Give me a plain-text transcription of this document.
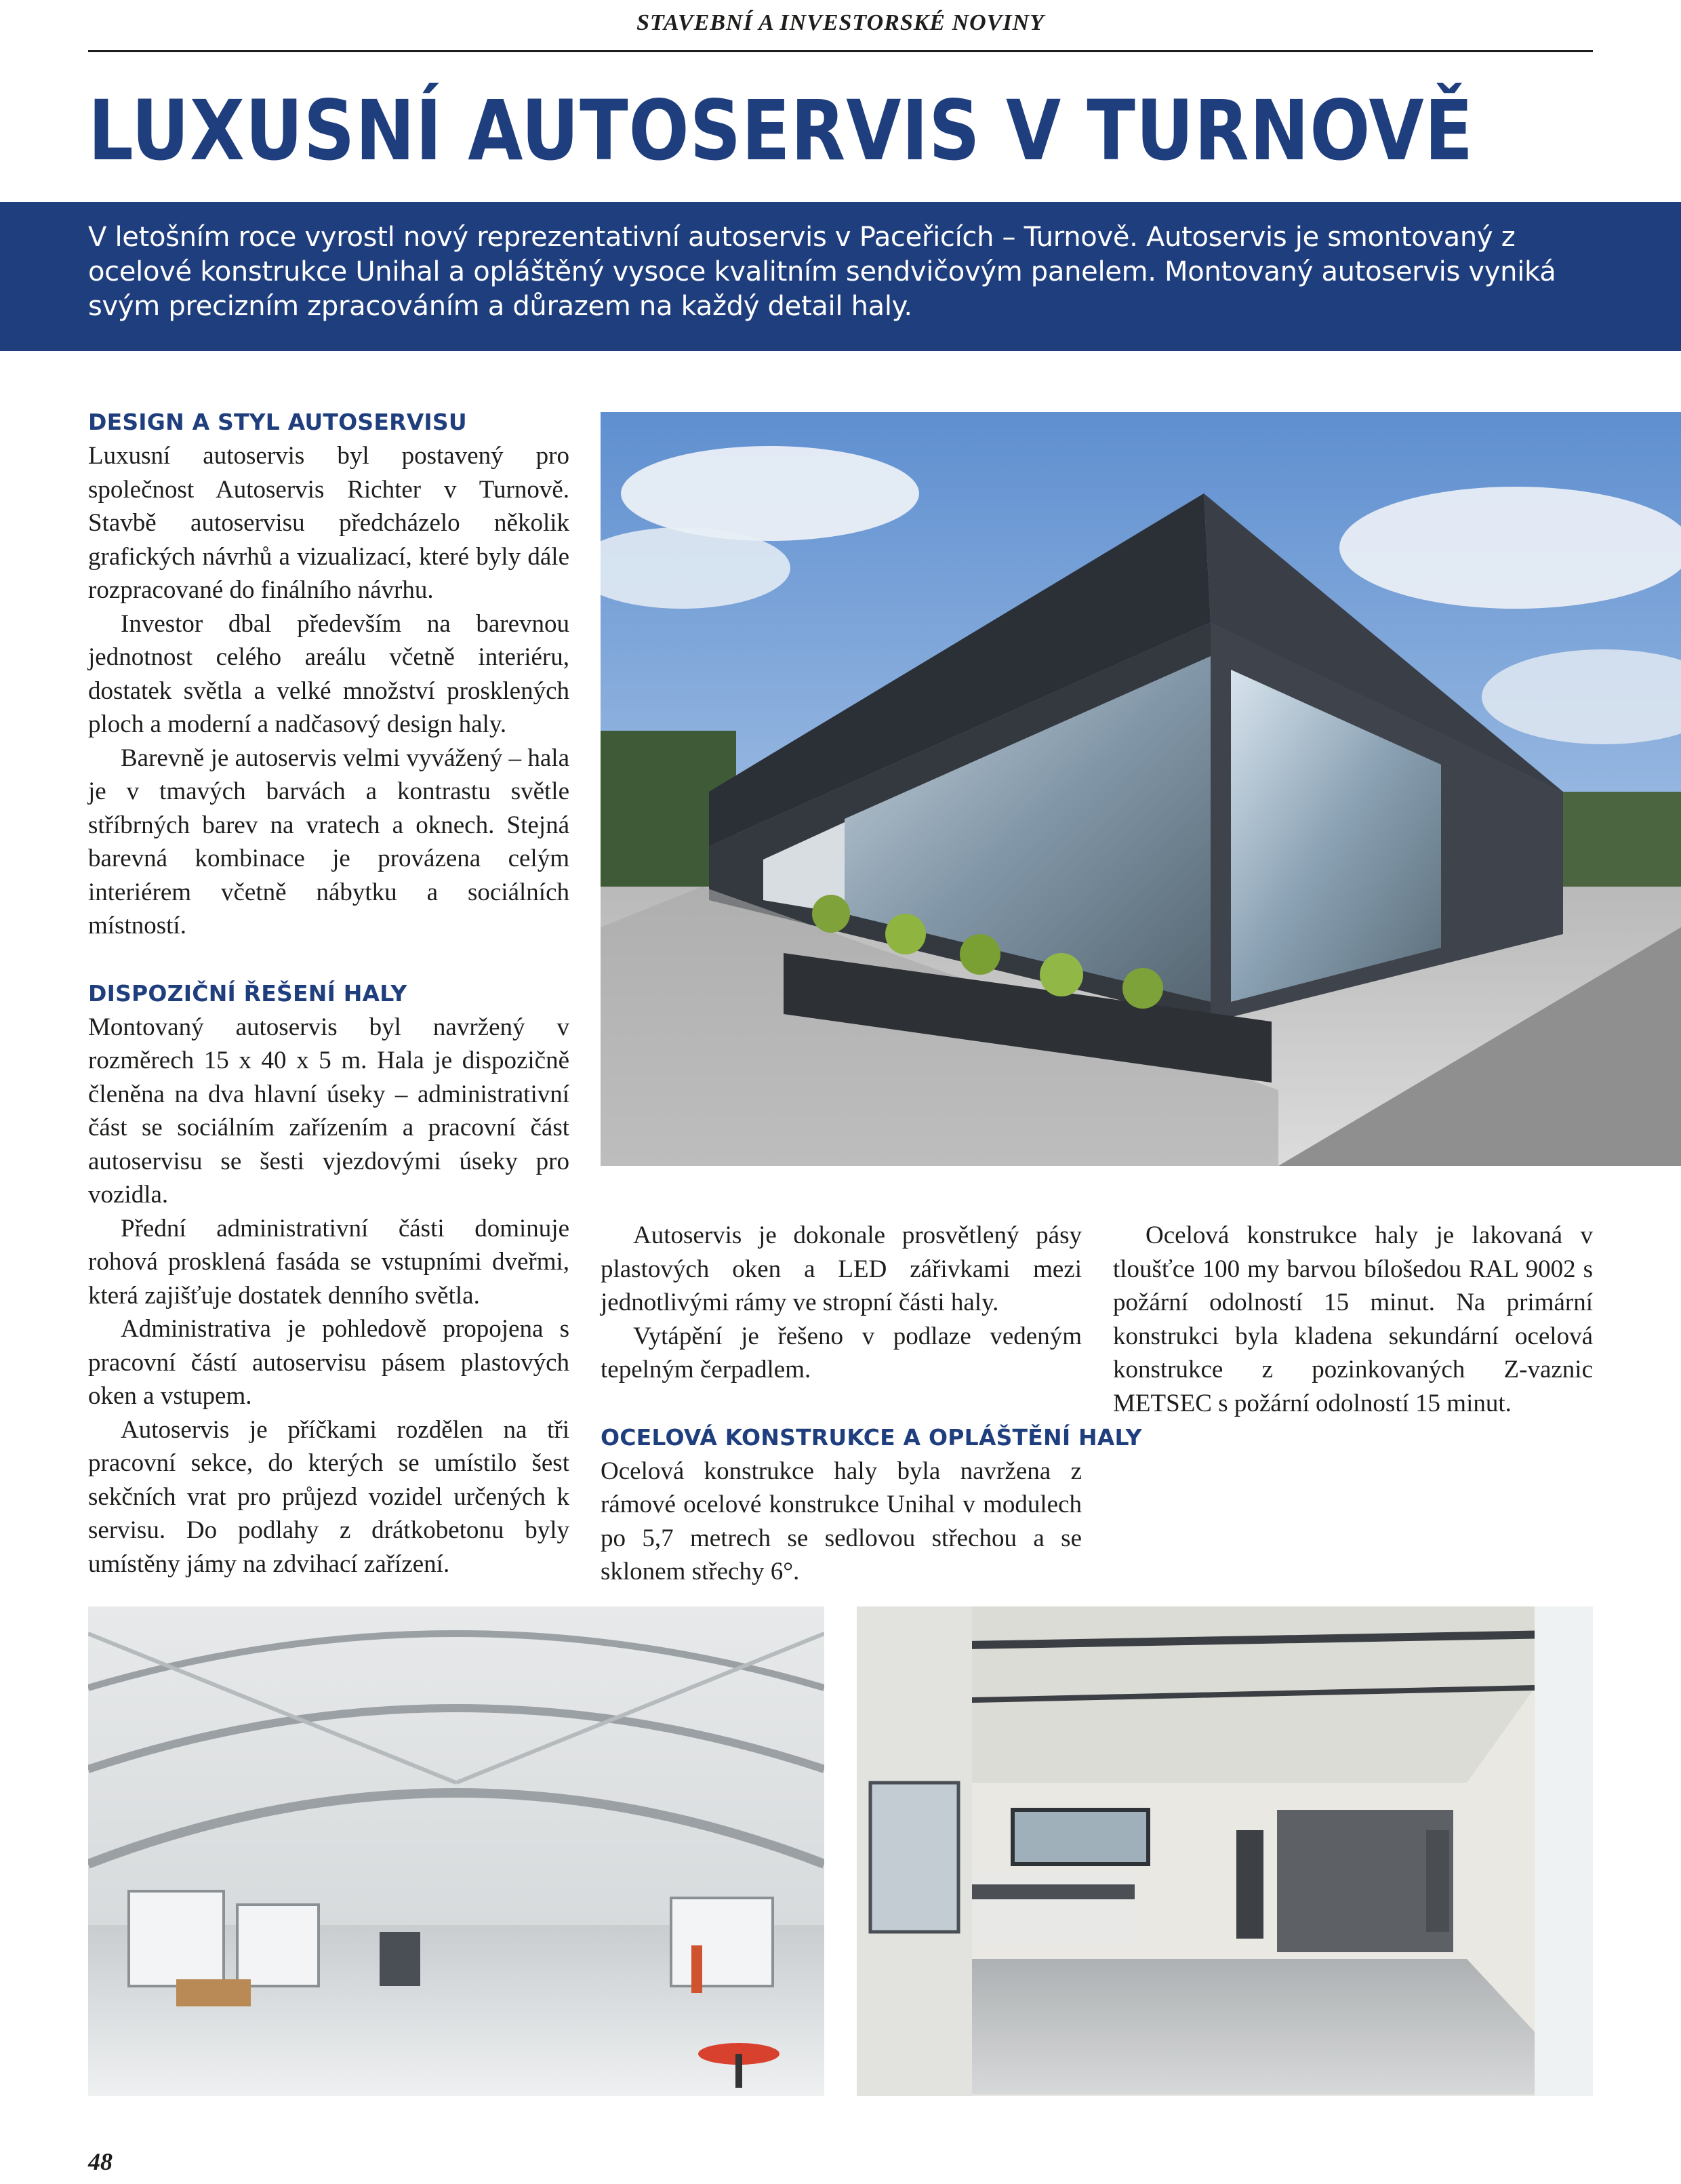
STAVEBNÍ A INVESTORSKÉ NOVINY
LUXUSNÍ AUTOSERVIS V TURNOVĚ

V letošním roce vyrostl nový reprezentativní autoservis v Paceřicích – Turnově. Autoservis je smontovaný z ocelové konstrukce Unihal a opláštěný vysoce kvalitním sendvičovým panelem. Montovaný autoservis vyniká svým precizním zpracováním a důrazem na každý detail haly.

DESIGN A STYL AUTOSERVISU

Luxusní autoservis byl postavený pro společnost Autoservis Richter v Turnově. Stavbě autoservisu předcházelo několik grafických návrhů a vizualizací, které byly dále rozpracované do finálního návrhu.

Investor dbal především na barevnou jednotnost celého areálu včetně interiéru, dostatek světla a velké množství prosklených ploch a moderní a nadčasový design haly.

Barevně je autoservis velmi vyvážený – hala je v tmavých barvách a kontrastu světle stříbrných barev na vratech a oknech. Stejná barevná kombinace je provázena celým interiérem včetně nábytku a sociálních místností.

DISPOZIČNÍ ŘEŠENÍ HALY

Montovaný autoservis byl navržený v rozměrech 15 x 40 x 5 m. Hala je dispozičně členěna na dva hlavní úseky – administrativní část se sociálním zařízením a pracovní část autoservisu se šesti vjezdovými úseky pro vozidla.

Přední administrativní části dominuje rohová prosklená fasáda se vstupními dveřmi, která zajišťuje dostatek denního světla.

Administrativa je pohledově propojena s pracovní částí autoservisu pásem plastových oken a vstupem.

Autoservis je příčkami rozdělen na tři pracovní sekce, do kterých se umístilo šest sekčních vrat pro průjezd vozidel určených k servisu. Do podlahy z drátkobetonu byly umístěny jámy na zdvihací zařízení.

Autoservis je dokonale prosvětlený pásy plastových oken a LED zářivkami mezi jednotlivými rámy ve stropní části haly.

Vytápění je řešeno v podlaze vedeným tepelným čerpadlem.

OCELOVÁ KONSTRUKCE A OPLÁŠTĚNÍ HALY

Ocelová konstrukce haly byla navržena z rámové ocelové konstrukce Unihal v modulech po 5,7 metrech se sedlovou střechou a se sklonem střechy 6°.

Ocelová konstrukce haly je lakovaná v tloušťce 100 my barvou bílošedou RAL 9002 s požární odolností 15 minut. Na primární konstrukci byla kladena sekundární ocelová konstrukce z pozinkovaných Z-vaznic METSEC s požární odolností 15 minut.

48
